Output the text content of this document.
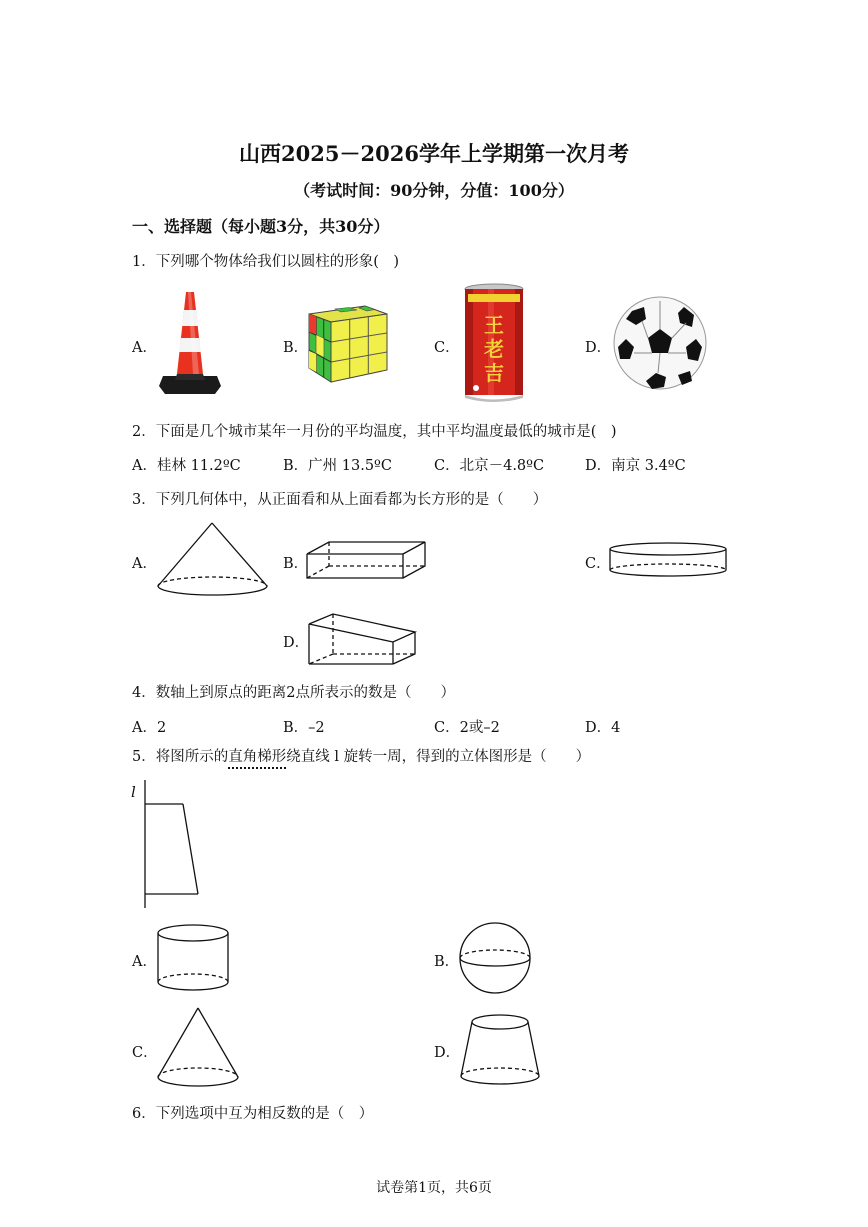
山西2025－2026学年上学期第一次月考
（考试时间：90分钟，分值：100分）
一、选择题（每小题3分，共30分）
1．下列哪个物体给我们以圆柱的形象(　)
A．	B．	C．	D．
王
老
吉
2．下面是几个城市某年一月份的平均温度，其中平均温度最低的城市是(　)
A．桂林 11.2ºC	B．广州 13.5ºC	C．北京－4.8ºC	D．南京 3.4ºC
3．下列几何体中，从正面看和从上面看都为长方形的是（　　）
A．	B．	C．
D．
4．数轴上到原点的距离2点所表示的数是（　　）
A．2	B．–2	C．2或–2	D．4
5．将图所示的直角梯形绕直线 l 旋转一周，得到的立体图形是（　　）
l
A．	B．
C．	D．
6．下列选项中互为相反数的是（　）
试卷第1页，共6页
